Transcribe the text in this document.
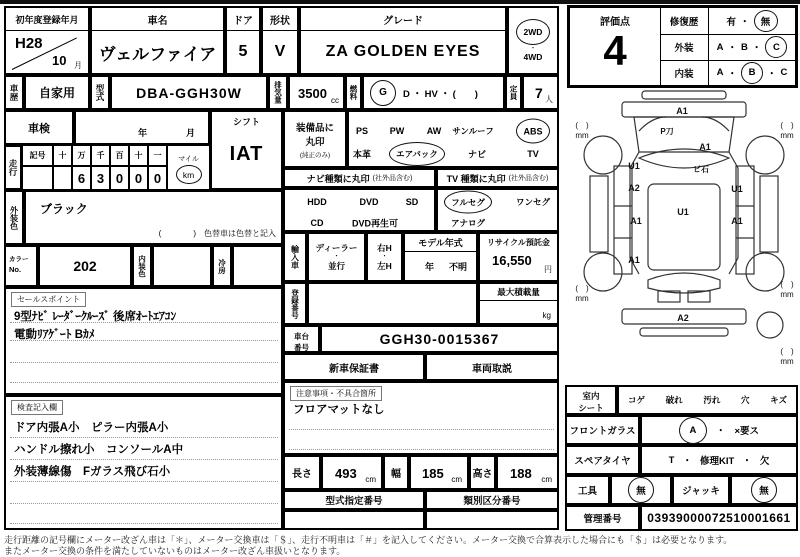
初年度登録年月
H28
10 月
車名
ヴェルファイア
ドア
5
形状
V
グレード
ZA GOLDEN EYES
2WD
・
4WD
車歴	自家用	型式	DBA-GGH30W	排気量	3500 cc
燃料	G	D ・ HV ・ (　　)	定員 7 人
車検	年	月
シフト
IAT
走行
記号	十	万	千	百	十	一
6 3 0 0 0
マイル
km
外装色	ブラック
(　　　　)　色替車は色替と記入
カラー
No.	202	内装色	冷房
セールスポイント
9型ﾅﾋﾞ ﾚｰﾀﾞｰｸﾙｰｽﾞ 後席ｵｰﾄｴｱｺﾝ
電動ﾘｱｹﾞｰﾄ Bｶﾒ
検査記入欄
ドア内張A小　ピラー内張A小
ハンドル擦れ小　コンソールA中
外装薄線傷　Fガラス飛び石小
装備品に
丸印
(純正のみ)
PS PW	AW サンルーフ	ABS
本革	エアバック	ナビ	TV
ナビ種類に丸印 (社外品含む)	TV 種類に丸印 (社外品含む)
HDD	DVD	SD
CD	DVD再生可
フルセグ	ワンセグ
アナログ
輸入車	ディーラー
・
並行
右H
・
左H
モデル年式
年 不明
リサイクル預託金
16,550
円
登録番号	最大積載量
kg
車台
番号
GGH30-0015367
新車保証書	車両取説
注意事項・不具合箇所
フロアマットなし
長さ	493 cm	幅	185 cm	高さ 188 cm
型式指定番号	類別区分番号
評価点
4
修復歴	有 ・	無
外装	A ・ B ・	C
内装	A ・	B	・ C
A1
P刀
A1
ビ石
U1
A2	U1
U1
A1	A1
A1
A2
(　)
mm
(　)
mm
(　)
mm
(　)
mm
(　)
mm
室内
シート
コゲ 破れ 汚れ 穴 キズ
フロントガラス	A	・ ×要ス
スペアタイヤ	T ・ 修理KIT ・ 欠
工具	無	ジャッキ	無
管理番号	03939000072510001661
走行距離の記号欄にメーター改ざん車は「＊」、メーター交換車は「＄」、走行不明車は「＃」を記入してください。メーター交換で合算表示した場合にも「＄」は必要となります。
またメーター交換の条件を満たしていないものはメーター改ざん車扱いとなります。
